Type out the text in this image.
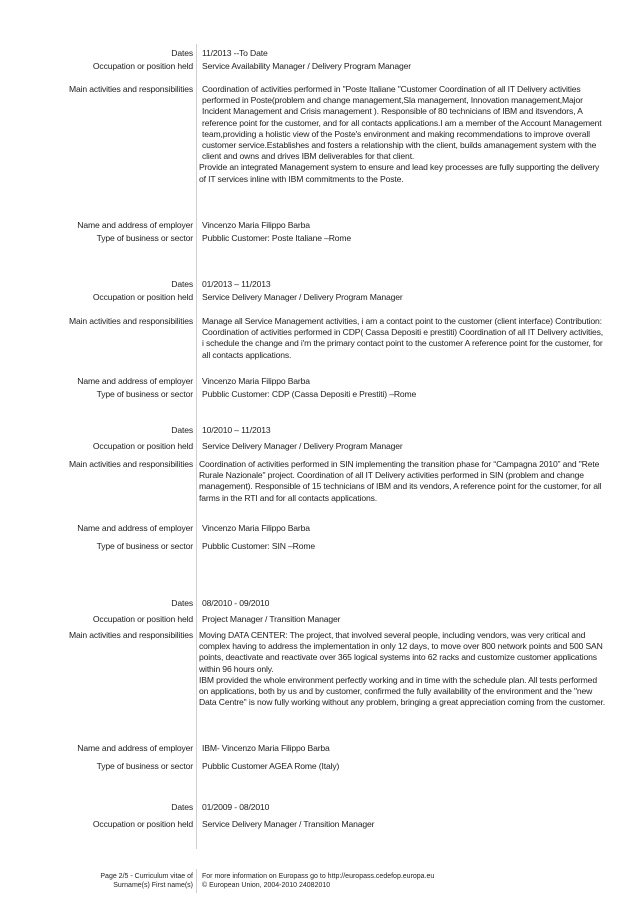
Dates 11/2013 --To Date
Occupation or position held Service Availability Manager / Delivery Program Manager
Main activities and responsibilities Coordination of activities performed in "Poste Italiane "Customer Coordination of all IT Delivery activities performed in Poste(problem and change management,Sla management, Innovation management,Major Incident Management and Crisis management ). Responsible of 80 technicians of IBM and itsvendors, A reference point for the customer, and for all contacts applications.I am a member of the Account Management team,providing a holistic view of the Poste's environment and making recommendations to improve overall customer service.Establishes and fosters a relationship with the client, builds amanagement system with the client and owns and drives IBM deliverables for that client.

Provide an integrated Management system to ensure and lead key processes are fully supporting the delivery of IT services inline with IBM commitments to the Poste.

Name and address of employer Vincenzo Maria Filippo Barba
Type of business or sector Pubblic Customer: Poste Italiane –Rome
Dates 01/2013 – 11/2013
Occupation or position held Service Delivery Manager / Delivery Program Manager
Main activities and responsibilities Manage all Service Management activities, i am a contact point to the customer (client interface) Contribution: Coordination of activities performed in CDP( Cassa Depositi e prestiti) Coordination of all IT Delivery activities, i schedule the change and i'm the primary contact point to the customer A reference point for the customer, for all contacts applications.

Name and address of employer Vincenzo Maria Filippo Barba
Type of business or sector Pubblic Customer: CDP (Cassa Depositi e Prestiti) –Rome
Dates 10/2010 – 11/2013
Occupation or position held Service Delivery Manager / Delivery Program Manager
Main activities and responsibilities Coordination of activities performed in SIN implementing the transition phase for “Campagna 2010” and "Rete Rurale Nazionale" project. Coordination of all IT Delivery activities performed in SIN (problem and change management). Responsible of 15 technicians of IBM and its vendors, A reference point for the customer, for all farms in the RTI and for all contacts applications.

Name and address of employer Vincenzo Maria Filippo Barba
Type of business or sector Pubblic Customer: SIN –Rome
Dates 08/2010 - 09/2010
Occupation or position held Project Manager / Transition Manager
Main activities and responsibilities Moving DATA CENTER: The project, that involved several people, including vendors, was very critical and complex having to address the implementation in only 12 days, to move over 800 network points and 500 SAN points, deactivate and reactivate over 365 logical systems into 62 racks and customize customer applications within 96 hours only.

IBM provided the whole environment perfectly working and in time with the schedule plan. All tests performed on applications, both by us and by customer, confirmed the fully availability of the environment and the "new Data Centre" is now fully working without any problem, bringing a great appreciation coming from the customer.

Name and address of employer IBM- Vincenzo Maria Filippo Barba
Type of business or sector Pubblic Customer AGEA Rome (Italy)
Dates 01/2009 - 08/2010
Occupation or position held Service Delivery Manager / Transition Manager
Page 2/5 - Curriculum vitae of
Surname(s) First name(s)
For more information on Europass go to http://europass.cedefop.europa.eu
© European Union, 2004-2010 24082010
